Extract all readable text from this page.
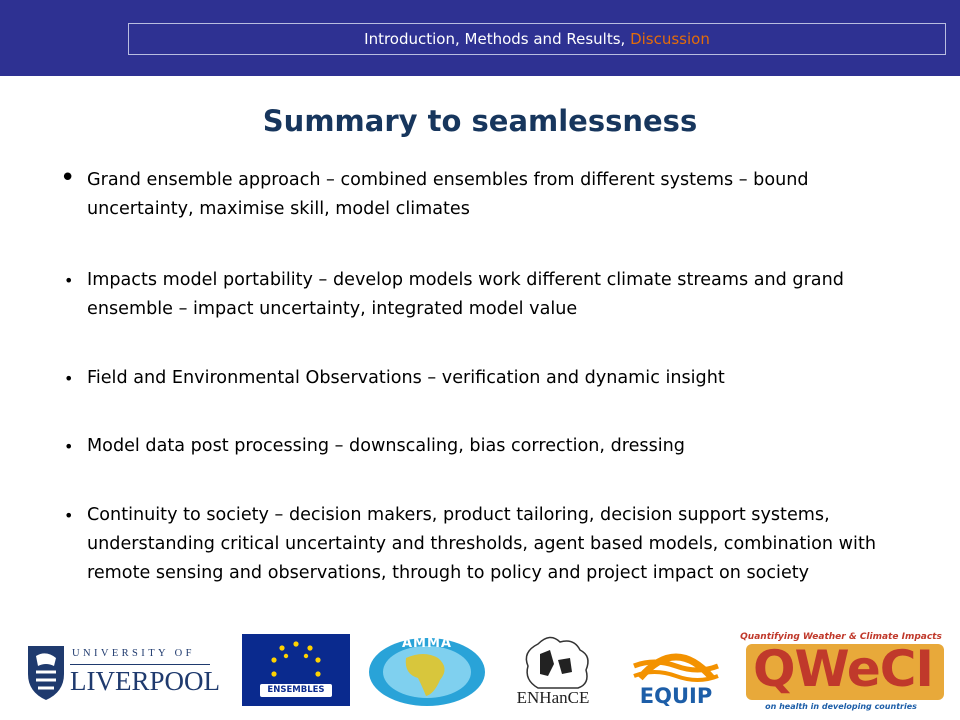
Introduction, Methods and Results, Discussion
Summary to seamlessness
• Grand ensemble approach – combined ensembles from different systems – bound uncertainty, maximise skill, model climates
• Impacts model portability – develop models work different climate streams and grand ensemble – impact uncertainty, integrated model value
• Field and Environmental Observations – verification and dynamic insight
• Model data post processing – downscaling, bias correction, dressing
• Continuity to society – decision makers, product tailoring, decision support systems, understanding critical uncertainty and thresholds, agent based models, combination with remote sensing and observations, through to policy and project impact on society
UNIVERSITY OF
LIVERPOOL	ENSEMBLES
AMMA
ENHanCE	EQUIP
Quantifying Weather & Climate Impacts
QWeCI
on health in developing countries
